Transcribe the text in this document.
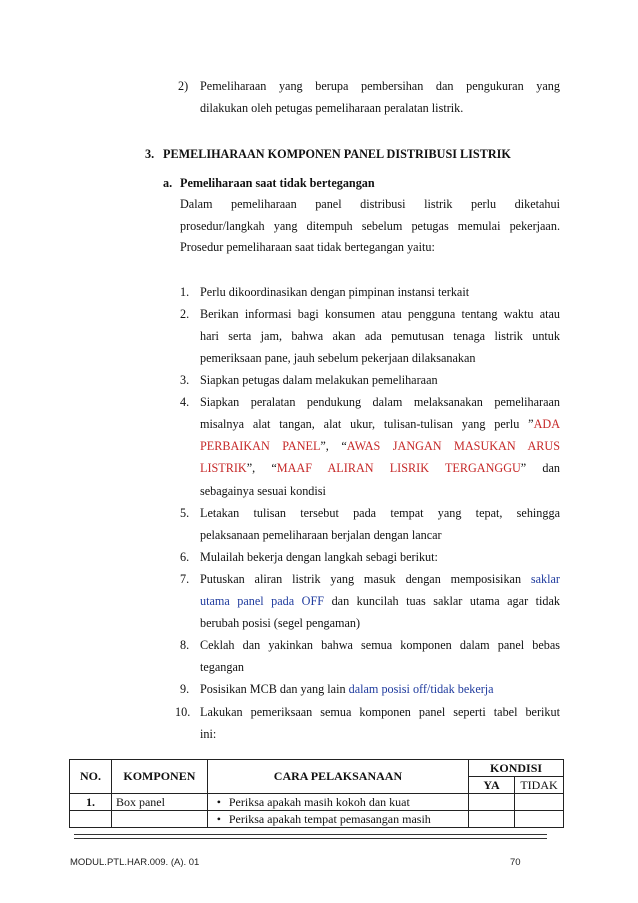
2) Pemeliharaan yang berupa pembersihan dan pengukuran yang
dilakukan oleh petugas pemeliharaan peralatan listrik.
3. PEMELIHARAAN KOMPONEN PANEL DISTRIBUSI LISTRIK
a. Pemeliharaan saat tidak bertegangan
Dalam pemeliharaan panel distribusi listrik perlu diketahui
prosedur/langkah yang ditempuh sebelum petugas memulai pekerjaan.
Prosedur pemeliharaan saat tidak bertegangan yaitu:
1. Perlu dikoordinasikan dengan pimpinan instansi terkait
2. Berikan informasi bagi konsumen atau pengguna tentang waktu atau
hari serta jam, bahwa akan ada pemutusan tenaga listrik untuk
pemeriksaan pane, jauh sebelum pekerjaan dilaksanakan
3. Siapkan petugas dalam melakukan pemeliharaan
4. Siapkan peralatan pendukung dalam melaksanakan pemeliharaan
misalnya alat tangan, alat ukur, tulisan-tulisan yang perlu ”ADA
PERBAIKAN PANEL”, “AWAS JANGAN MASUKAN ARUS
LISTRIK”, “MAAF ALIRAN LISRIK TERGANGGU” dan
sebagainya sesuai kondisi
5. Letakan tulisan tersebut pada tempat yang tepat, sehingga
pelaksanaan pemeliharaan berjalan dengan lancar
6. Mulailah bekerja dengan langkah sebagi berikut:
7. Putuskan aliran listrik yang masuk dengan memposisikan saklar
utama panel pada OFF dan kuncilah tuas saklar utama agar tidak
berubah posisi (segel pengaman)
8. Ceklah dan yakinkan bahwa semua komponen dalam panel bebas
tegangan
9. Posisikan MCB dan yang lain dalam posisi off/tidak bekerja
10. Lakukan pemeriksaan semua komponen panel seperti tabel berikut
ini:
NO.	KOMPONEN	CARA PELAKSANAAN	KONDISI	
			YA	TIDAK
1.	Box panel	• Periksa apakah masih kokoh dan kuat		
		• Periksa apakah tempat pemasangan masih		
MODUL.PTL.HAR.009. (A). 01	70
